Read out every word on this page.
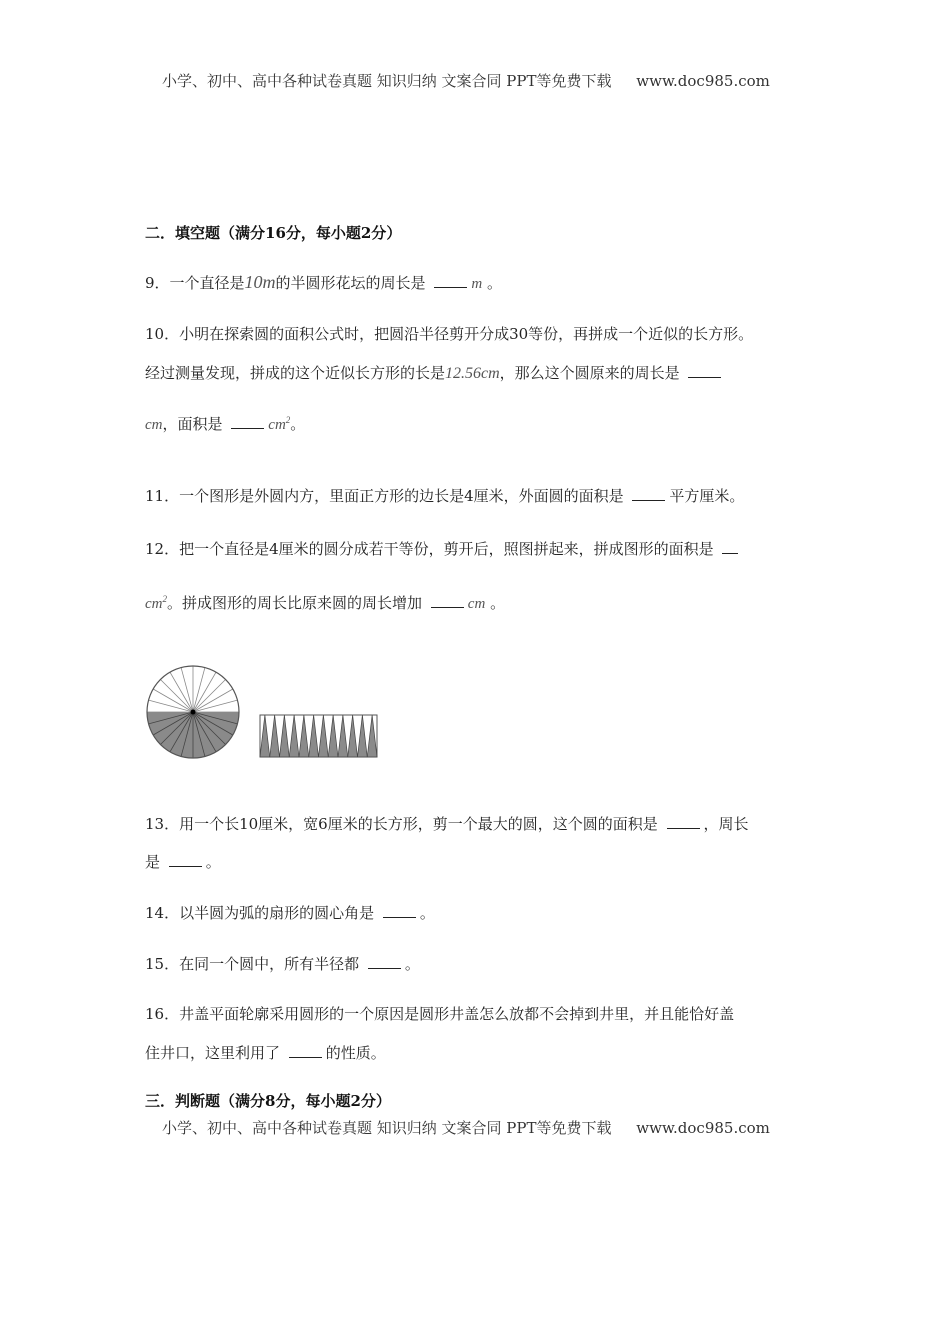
小学、初中、高中各种试卷真题 知识归纳 文案合同 PPT等免费下载 www.doc985.com
二．填空题（满分16分，每小题2分）
9．一个直径是10m的半圆形花坛的周长是	m 。
10．小明在探索圆的面积公式时，把圆沿半径剪开分成30等份，再拼成一个近似的长方形。
经过测量发现，拼成的这个近似长方形的长是12.56cm，那么这个圆原来的周长是
cm，面积是	$cm^2$。
11．一个图形是外圆内方，里面正方形的边长是4厘米，外面圆的面积是	平方厘米。
12．把一个直径是4厘米的圆分成若干等份，剪开后，照图拼起来，拼成图形的面积是
$cm^2$。拼成图形的周长比原来圆的周长增加	cm 。
13．用一个长10厘米，宽6厘米的长方形，剪一个最大的圆，这个圆的面积是	，周长
是	。
14．以半圆为弧的扇形的圆心角是	。
15．在同一个圆中，所有半径都	。
16．井盖平面轮廓采用圆形的一个原因是圆形井盖怎么放都不会掉到井里，并且能恰好盖
住井口，这里利用了	的性质。
三．判断题（满分8分，每小题2分）
小学、初中、高中各种试卷真题 知识归纳 文案合同 PPT等免费下载 www.doc985.com
